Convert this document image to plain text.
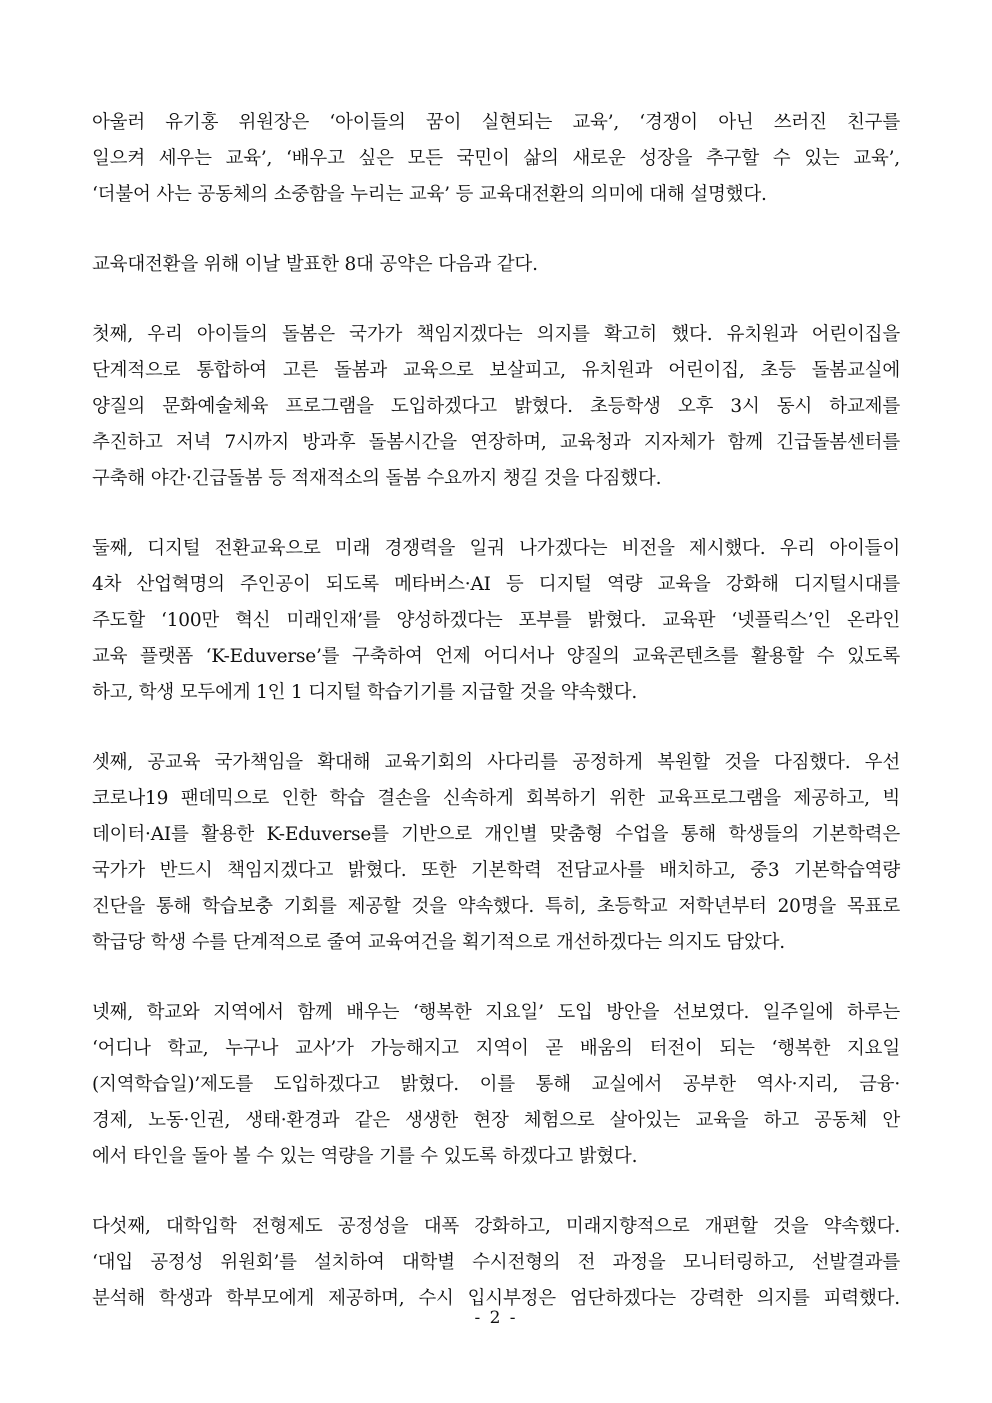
아울러 유기홍 위원장은 ‘아이들의 꿈이 실현되는 교육’, ‘경쟁이 아닌 쓰러진 친구를
일으켜 세우는 교육’, ‘배우고 싶은 모든 국민이 삶의 새로운 성장을 추구할 수 있는 교육’,
‘더불어 사는 공동체의 소중함을 누리는 교육’ 등 교육대전환의 의미에 대해 설명했다.
교육대전환을 위해 이날 발표한 8대 공약은 다음과 같다.
첫째, 우리 아이들의 돌봄은 국가가 책임지겠다는 의지를 확고히 했다. 유치원과 어린이집을
단계적으로 통합하여 고른 돌봄과 교육으로 보살피고, 유치원과 어린이집, 초등 돌봄교실에
양질의 문화예술체육 프로그램을 도입하겠다고 밝혔다. 초등학생 오후 3시 동시 하교제를
추진하고 저녁 7시까지 방과후 돌봄시간을 연장하며, 교육청과 지자체가 함께 긴급돌봄센터를
구축해 야간·긴급돌봄 등 적재적소의 돌봄 수요까지 챙길 것을 다짐했다.
둘째, 디지털 전환교육으로 미래 경쟁력을 일궈 나가겠다는 비전을 제시했다. 우리 아이들이
4차 산업혁명의 주인공이 되도록 메타버스·AI 등 디지털 역량 교육을 강화해 디지털시대를
주도할 ‘100만 혁신 미래인재’를 양성하겠다는 포부를 밝혔다. 교육판 ‘넷플릭스’인 온라인
교육 플랫폼 ‘K-Eduverse’를 구축하여 언제 어디서나 양질의 교육콘텐츠를 활용할 수 있도록
하고, 학생 모두에게 1인 1 디지털 학습기기를 지급할 것을 약속했다.
셋째, 공교육 국가책임을 확대해 교육기회의 사다리를 공정하게 복원할 것을 다짐했다. 우선
코로나19 팬데믹으로 인한 학습 결손을 신속하게 회복하기 위한 교육프로그램을 제공하고, 빅
데이터·AI를 활용한 K-Eduverse를 기반으로 개인별 맞춤형 수업을 통해 학생들의 기본학력은
국가가 반드시 책임지겠다고 밝혔다. 또한 기본학력 전담교사를 배치하고, 중3 기본학습역량
진단을 통해 학습보충 기회를 제공할 것을 약속했다. 특히, 초등학교 저학년부터 20명을 목표로
학급당 학생 수를 단계적으로 줄여 교육여건을 획기적으로 개선하겠다는 의지도 담았다.
넷째, 학교와 지역에서 함께 배우는 ‘행복한 지요일’ 도입 방안을 선보였다. 일주일에 하루는
‘어디나 학교, 누구나 교사’가 가능해지고 지역이 곧 배움의 터전이 되는 ‘행복한 지요일
(지역학습일)’제도를 도입하겠다고 밝혔다. 이를 통해 교실에서 공부한 역사·지리, 금융·
경제, 노동·인권, 생태·환경과 같은 생생한 현장 체험으로 살아있는 교육을 하고 공동체 안
에서 타인을 돌아 볼 수 있는 역량을 기를 수 있도록 하겠다고 밝혔다.
다섯째, 대학입학 전형제도 공정성을 대폭 강화하고, 미래지향적으로 개편할 것을 약속했다.
‘대입 공정성 위원회’를 설치하여 대학별 수시전형의 전 과정을 모니터링하고, 선발결과를
분석해 학생과 학부모에게 제공하며, 수시 입시부정은 엄단하겠다는 강력한 의지를 피력했다.
- 2 -
